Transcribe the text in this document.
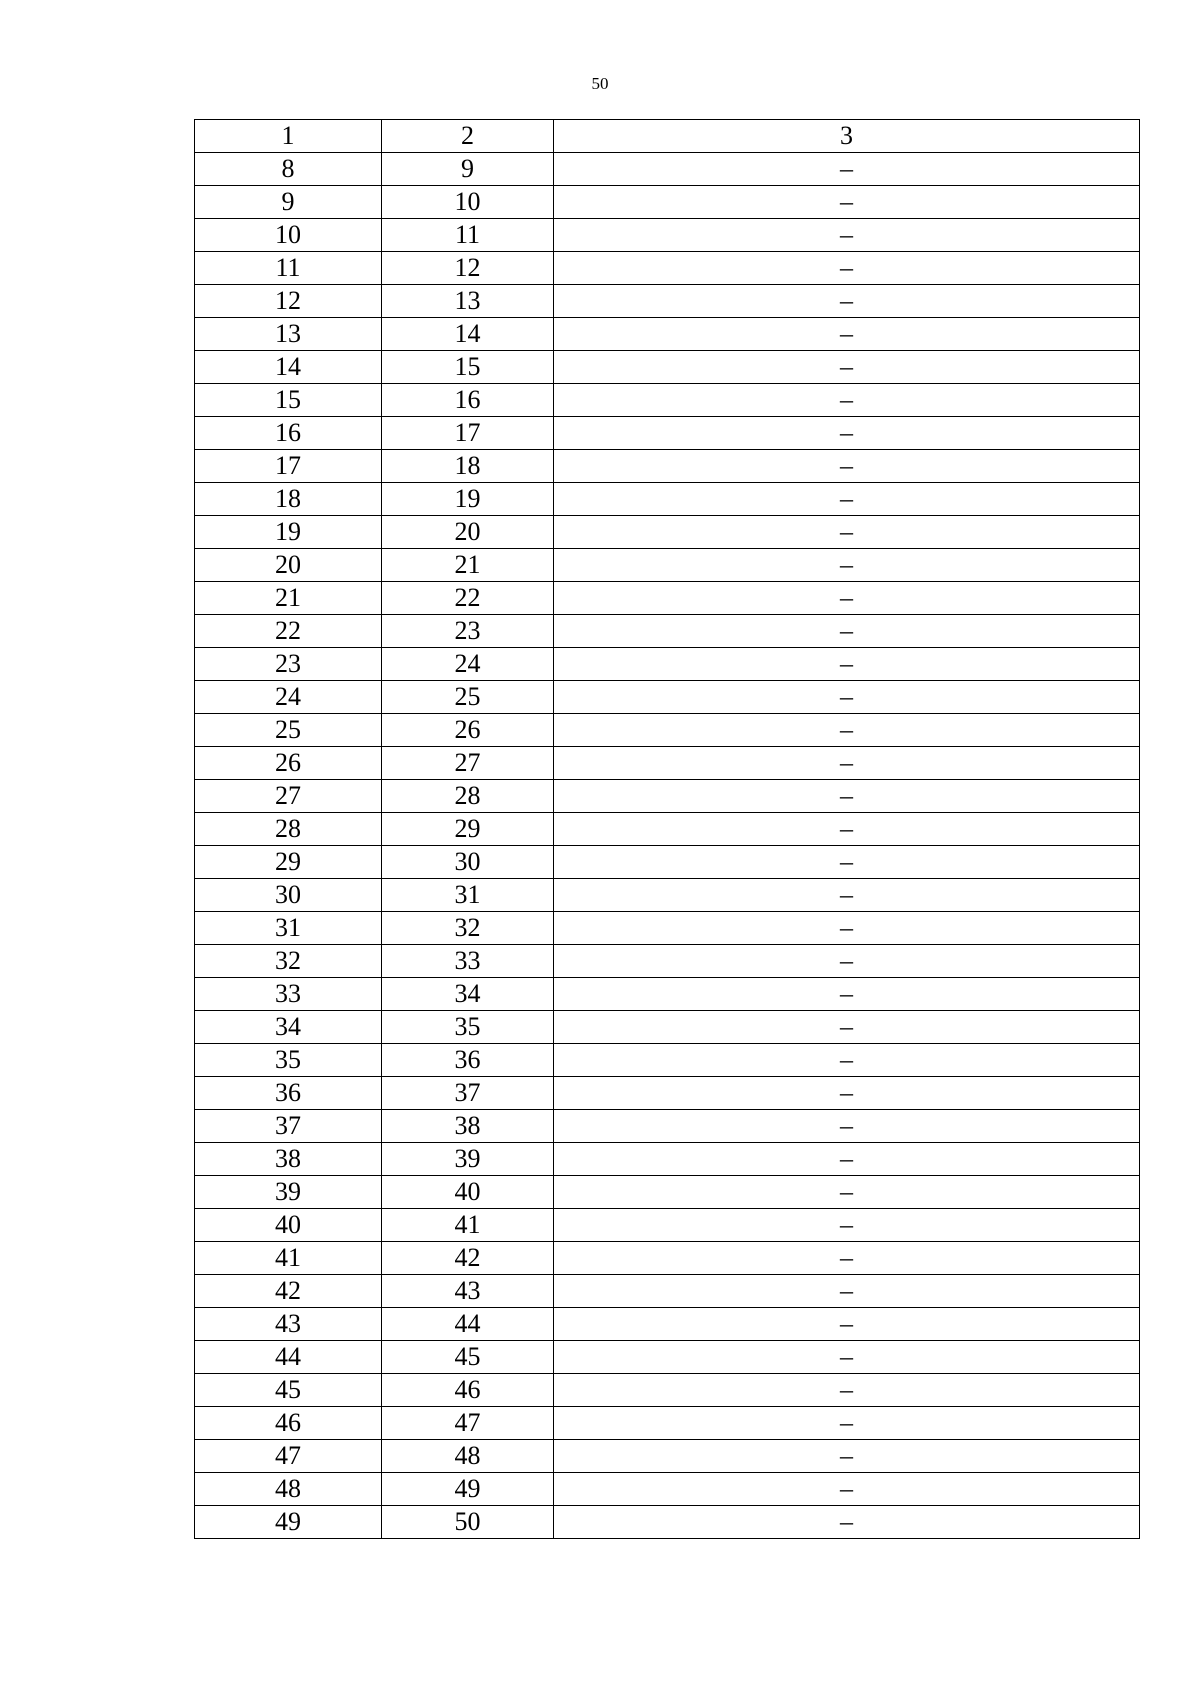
50
1	2	3
8	9	–
9	10	–
10	11	–
11	12	–
12	13	–
13	14	–
14	15	–
15	16	–
16	17	–
17	18	–
18	19	–
19	20	–
20	21	–
21	22	–
22	23	–
23	24	–
24	25	–
25	26	–
26	27	–
27	28	–
28	29	–
29	30	–
30	31	–
31	32	–
32	33	–
33	34	–
34	35	–
35	36	–
36	37	–
37	38	–
38	39	–
39	40	–
40	41	–
41	42	–
42	43	–
43	44	–
44	45	–
45	46	–
46	47	–
47	48	–
48	49	–
49	50	–
